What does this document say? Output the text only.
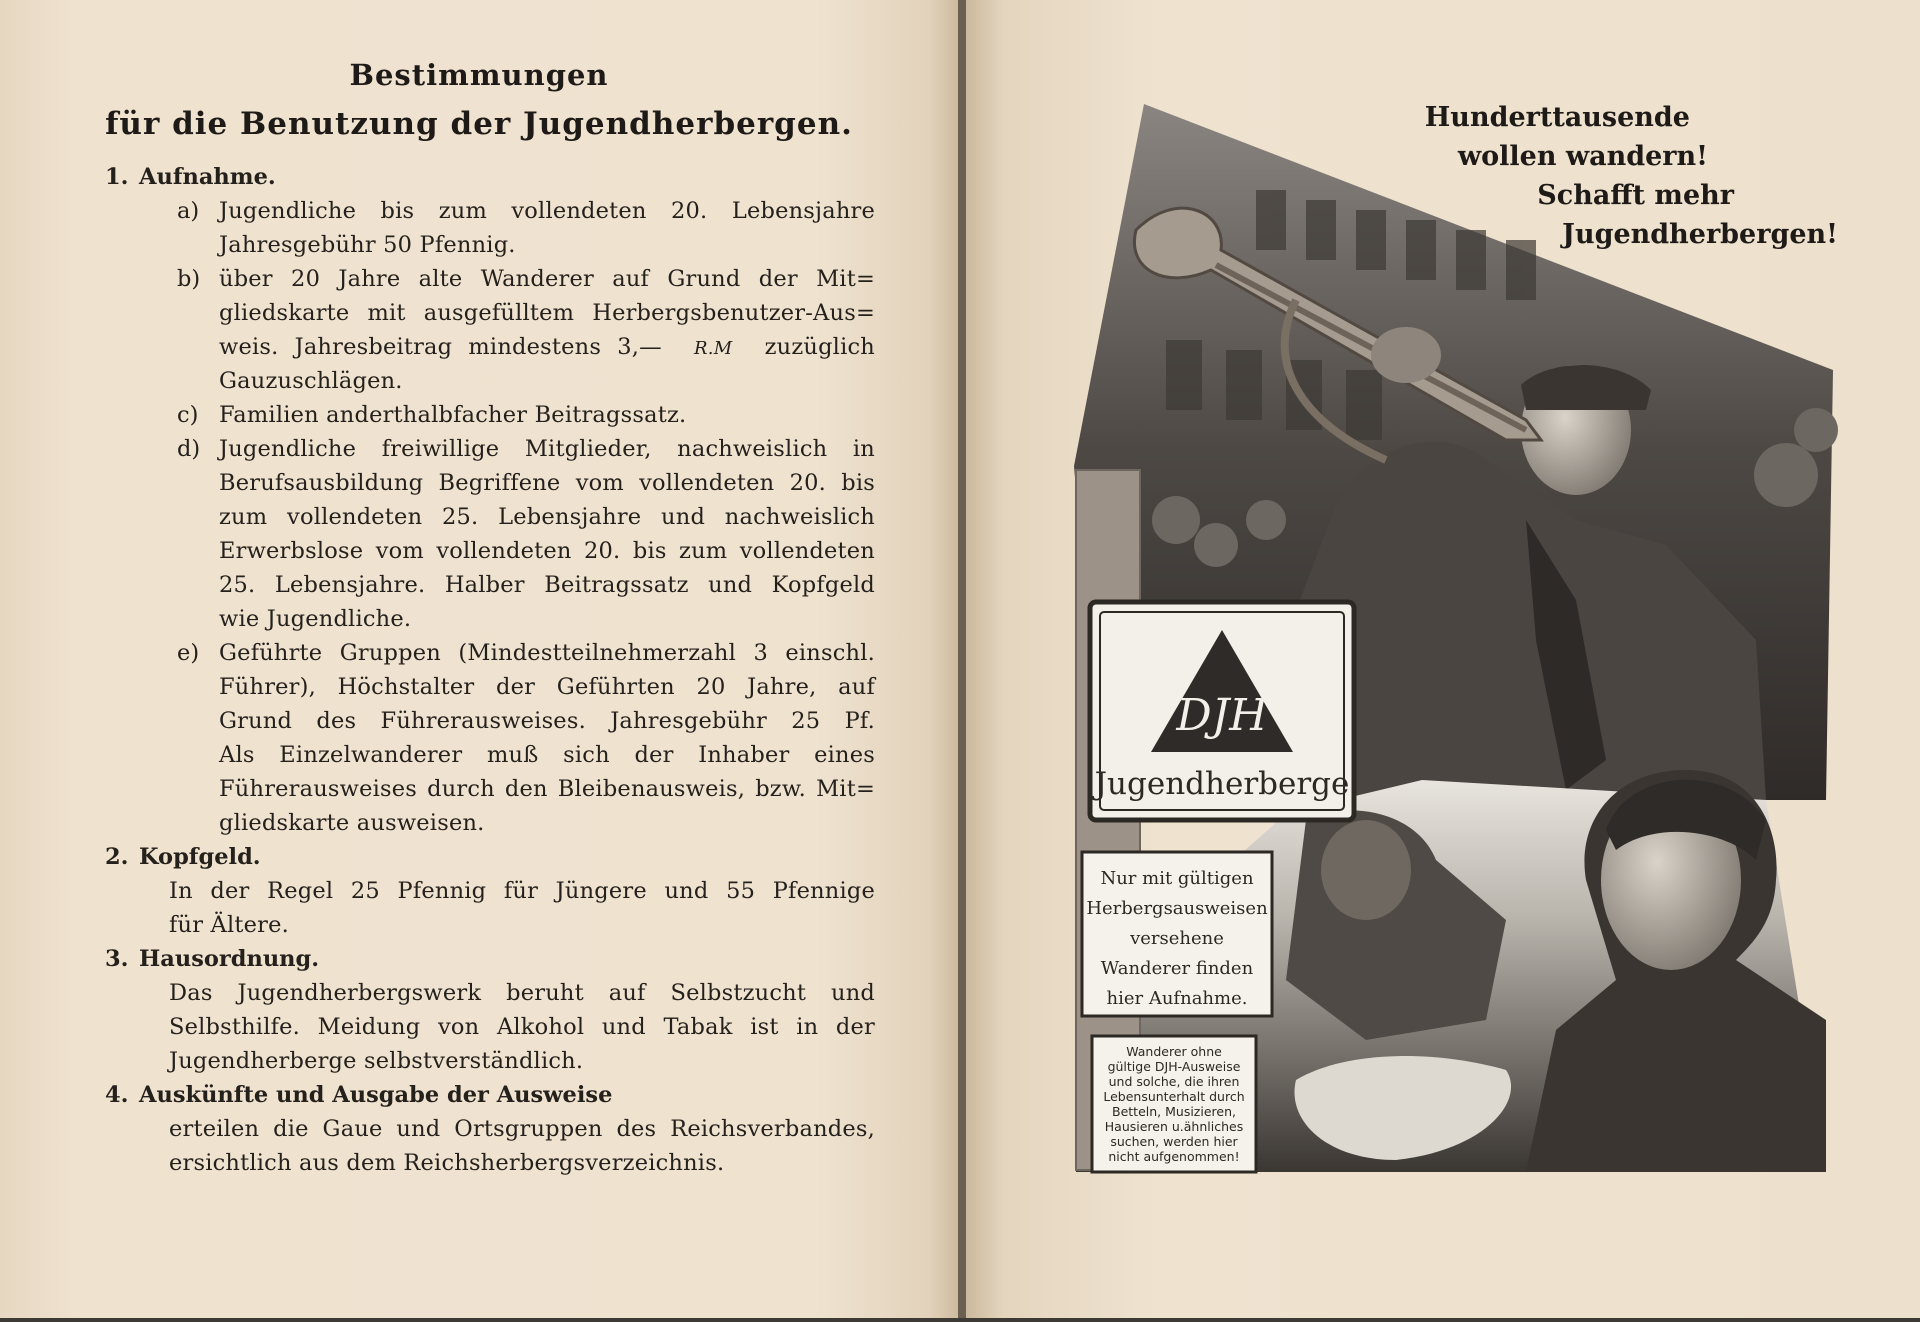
Bestimmungen
für die Benutzung der Jugendherbergen.
1. Aufnahme.
a) Jugendliche bis zum vollendeten 20. Lebensjahre
Jahresgebühr 50 Pfennig.
b) über 20 Jahre alte Wanderer auf Grund der Mit=
gliedskarte mit ausgefülltem Herbergsbenutzer-Aus=
weis. Jahresbeitrag mindestens 3,— R.M zuzüglich
Gauzuschlägen.
c) Familien anderthalbfacher Beitragssatz.
d) Jugendliche freiwillige Mitglieder, nachweislich in
Berufsausbildung Begriffene vom vollendeten 20. bis
zum vollendeten 25. Lebensjahre und nachweislich
Erwerbslose vom vollendeten 20. bis zum vollendeten
25. Lebensjahre. Halber Beitragssatz und Kopfgeld
wie Jugendliche.
e) Geführte Gruppen (Mindestteilnehmerzahl 3 einschl.
Führer), Höchstalter der Geführten 20 Jahre, auf
Grund des Führerausweises. Jahresgebühr 25 Pf.
Als Einzelwanderer muß sich der Inhaber eines
Führerausweises durch den Bleibenausweis, bzw. Mit=
gliedskarte ausweisen.
2. Kopfgeld.
In der Regel 25 Pfennig für Jüngere und 55 Pfennige
für Ältere.
3. Hausordnung.
Das Jugendherbergswerk beruht auf Selbstzucht und
Selbsthilfe. Meidung von Alkohol und Tabak ist in der
Jugendherberge selbstverständlich.
4. Auskünfte und Ausgabe der Ausweise
erteilen die Gaue und Ortsgruppen des Reichsverbandes,
ersichtlich aus dem Reichsherbergsverzeichnis.
DJH
Jugendherberge
Nur mit gültigen
Herbergsausweisen
versehene
Wanderer finden
hier Aufnahme.
Wanderer ohne
gültige DJH-Ausweise
und solche, die ihren
Lebensunterhalt durch
Betteln, Musizieren,
Hausieren u.ähnliches
suchen, werden hier
nicht aufgenommen!
Hunderttausende
wollen wandern!
Schafft mehr
Jugendherbergen!
